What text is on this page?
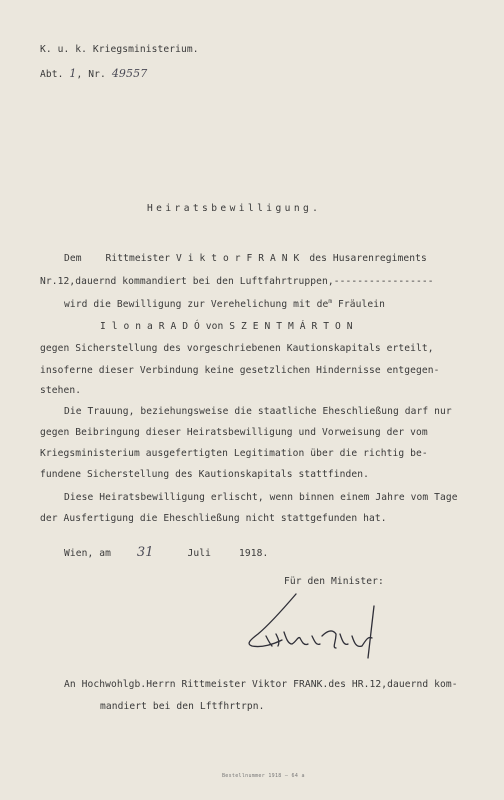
K. u. k. Kriegsministerium.
Abt. 1, Nr. 49557
Heiratsbewilligung.
Dem Rittmeister V i k t o r F R A N K des Husarenregiments
Nr.12,dauernd kommandiert bei den Luftfahrtruppen,-----------------
wird die Bewilligung zur Verehelichung mit $de^m$ Fräulein
I l o n a R A D Ó von S Z E N T M Á R T O N
gegen Sicherstellung des vorgeschriebenen Kautionskapitals erteilt,
insoferne dieser Verbindung keine gesetzlichen Hindernisse entgegen-
stehen.
Die Trauung, beziehungsweise die staatliche Eheschließung darf nur
gegen Beibringung dieser Heiratsbewilligung und Vorweisung der vom
Kriegsministerium ausgefertigten Legitimation über die richtig be-
fundene Sicherstellung des Kautionskapitals stattfinden.
Diese Heiratsbewilligung erlischt, wenn binnen einem Jahre vom Tage
der Ausfertigung die Eheschließung nicht stattgefunden hat.
Wien, am 31	Juli	1918.
Für den Minister:
An Hochwohlgb.Herrn Rittmeister Viktor FRANK.des HR.12,dauernd kom-
mandiert bei den Lftfhrtrpn.
Bestellnummer 1918 — 64 a
